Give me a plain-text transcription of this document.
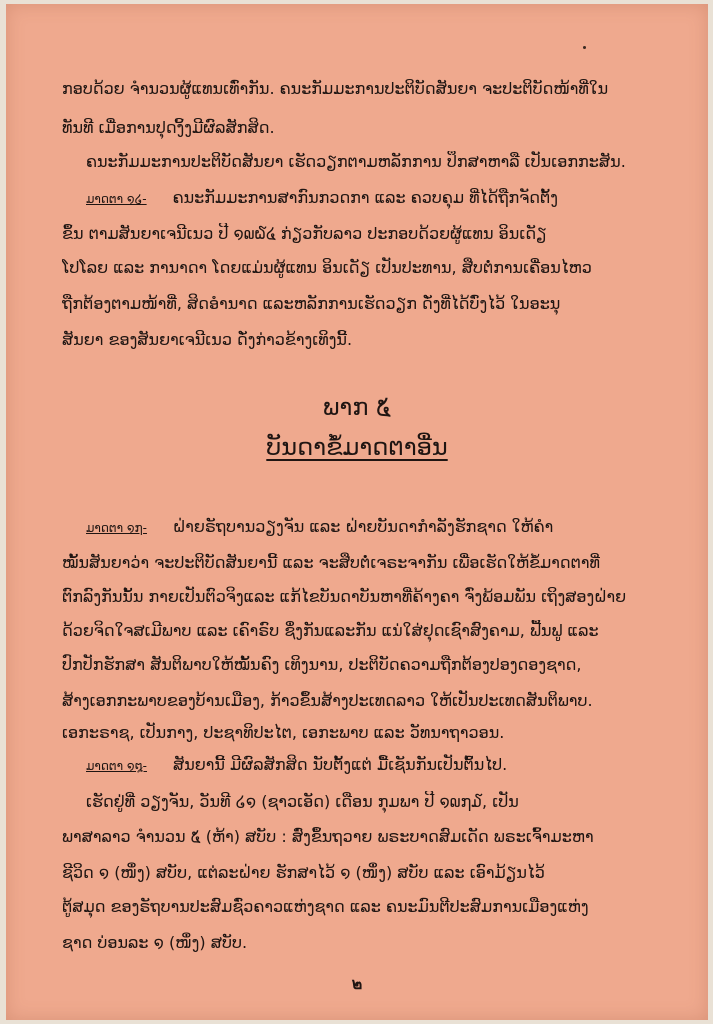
ກອບດ້ວຍ ຈຳນວນຜູ້ແທນເທົ່າກັນ. ຄນະກັມມະການປະຕິບັດສັນຍາ ຈະປະຕິບັດໜ້າທີ່ໃນ
ທັນທີ ເມື່ອການປຸດງິ້ງມີຜົລສັກສິດ.
ຄນະກັມມະການປະຕິບັດສັນຍາ ເຮັດວຽກຕາມຫລັກການ ປຶກສາຫາລື ເປັນເອກກະສັນ.
ມາດຕາ ໑໒- ຄນະກັມມະການສາກົນກວດກາ ແລະ ຄວບຄຸມ ທີ່ໄດ້ຖືກຈັດຕັ້ງ
ຂຶ້ນ ຕາມສັນຍາເຈນີເນວ ປີ ໑໙໖໔ ກ່ຽວກັບລາວ ປະກອບດ້ວຍຜູ້ແທນ ອິນເດັຽ
ໂປໂລຍ ແລະ ການາດາ ໂດຍແມ່ນຜູ້ແທນ ອິນເດັຽ ເປັນປະທານ, ສືບຕໍ່ການເຄື່ອນໄຫວ
ຖືກຕ້ອງຕາມໜ້າທີ່, ສິດອຳນາດ ແລະຫລັກການເຮັດວຽກ ດັ່ງທີ່ໄດ້ບົ່ງໄວ້ ໃນອະນຸ
ສັນຍາ ຂອງສັນຍາເຈນີເນວ ດັ່ງກ່າວຂ້າງເທິງນີ້.
ພາກ ໕
ບັນດາຂໍ້ມາດຕາອື່ນ
ມາດຕາ ໑໗- ຝ່າຍຣັຖບານວຽງຈັນ ແລະ ຝ່າຍບັນດາກຳລັງຮັກຊາດ ໃຫ້ຄຳ
ໝັ້ນສັນຍາວ່າ ຈະປະຕິບັດສັນຍານີ້ ແລະ ຈະສືບຕໍ່ເຈຣະຈາກັນ ເພື່ອເຮັດໃຫ້ຂໍ້ມາດຕາທີ່
ຕົກລົງກັນນັ້ນ ກາຍເປັນຕົວຈິງແລະ ແກ້ໄຂບັນດາບັນຫາທີ່ຄ້າງຄາ ຈົ່ງພ້ອມພັນ ເຖິງສອງຝ່າຍ
ດ້ວຍຈິດໃຈສເມີພາບ ແລະ ເຄົາຣົບ ຊຶ່ງກັນແລະກັນ ແນ່ໃສ່ຢຸດເຊົາສົງຄາມ, ຟື້ນຟູ ແລະ
ປົກປັກຮັກສາ ສັນຕິພາບໃຫ້ໝັ້ນຄົງ ເທິງນານ, ປະຕິບັດຄວາມຖືກຕ້ອງປອງດອງຊາດ,
ສ້າງເອກກະພາບຂອງບ້ານເມືອງ, ກ້າວຂຶ້ນສ້າງປະເທດລາວ ໃຫ້ເປັນປະເທດສັນຕິພາບ.
ເອກະຣາຊ, ເປັນກາງ, ປະຊາທິປະໄຕ, ເອກະພາບ ແລະ ວັທນາຖາວອນ.
ມາດຕາ ໑໘- ສັນຍານີ້ ມີຜົລສັກສິດ ນັບຕັ້ງແຕ່ ມື້ເຊັນກັນເປັນຕົ້ນໄປ.
ເຮັດຢູ່ທີ່ ວຽງຈັນ, ວັນທີ ໒໑ (ຊາວເອັດ) ເດືອນ ກຸມພາ ປີ ໑໙໗໓, ເປັນ
ພາສາລາວ ຈຳນວນ ໕ (ຫ້າ) ສບັບ : ສົ່ງຂຶ້ນຖວາຍ ພຣະບາດສົມເດັດ ພຣະເຈົ້າມະຫາ
ຊີວິດ ໑ (ໜຶ່ງ) ສບັບ, ແຕ່ລະຝ່າຍ ຮັກສາໄວ້ ໑ (ໜຶ່ງ) ສບັບ ແລະ ເອົາມ້ຽນໄວ້
ຕູ້ສມຸດ ຂອງຣັຖບານປະສົມຊົ່ວຄາວແຫ່ງຊາດ ແລະ ຄນະມົນຕີປະສົມການເມືອງແຫ່ງ
ຊາດ ບ່ອນລະ ໑ (ໜຶ່ງ) ສບັບ.
๒
